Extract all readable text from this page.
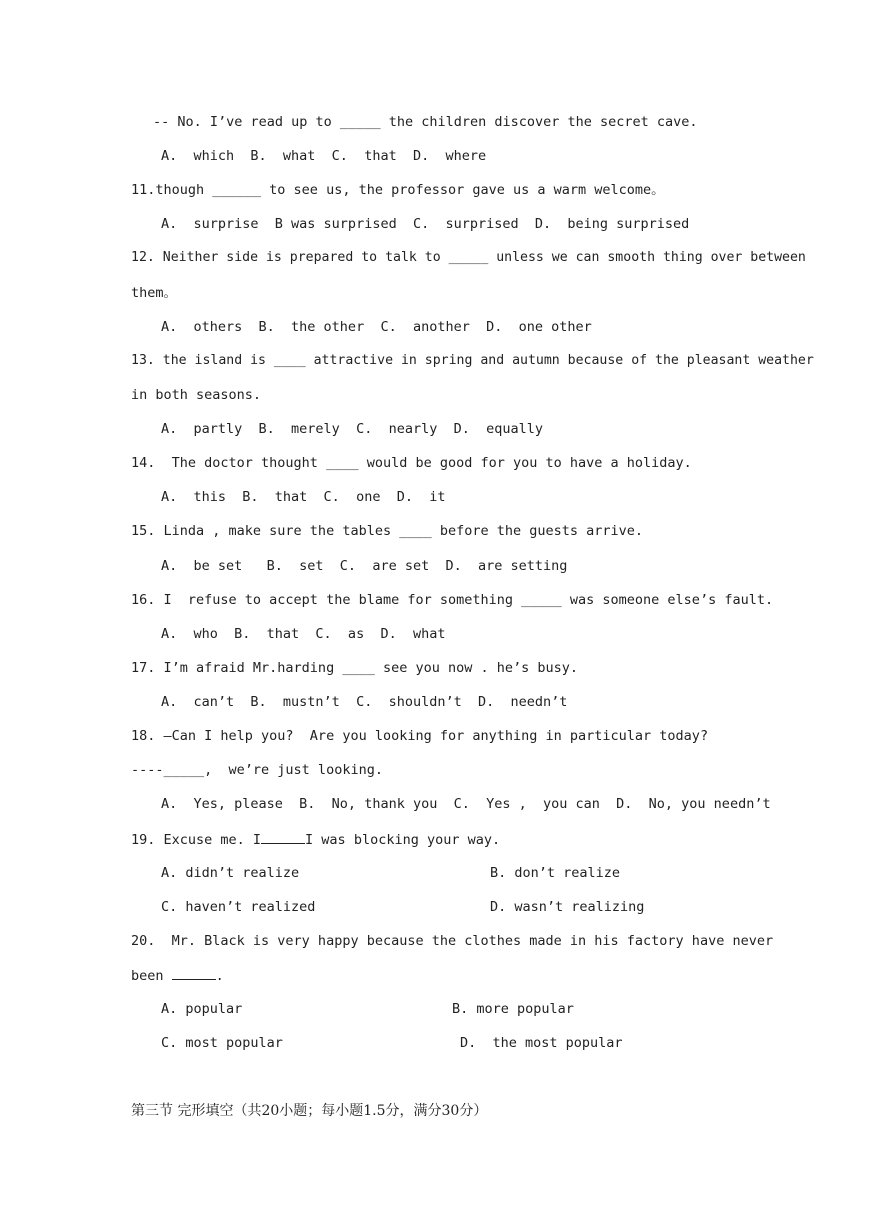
-- No. I’ve read up to _____ the children discover the secret cave.
A.  which  B.  what  C.  that  D.  where
11.though ______ to see us, the professor gave us a warm welcome。
A.  surprise  B was surprised  C.  surprised  D.  being surprised
12. Neither side is prepared to talk to _____ unless we can smooth thing over between
them。
A.  others  B.  the other  C.  another  D.  one other
13. the island is ____ attractive in spring and autumn because of the pleasant weather
in both seasons.
A.  partly  B.  merely  C.  nearly  D.  equally
14.  The doctor thought ____ would be good for you to have a holiday.
A.  this  B.  that  C.  one  D.  it
15. Linda , make sure the tables ____ before the guests arrive.
A.  be set   B.  set  C.  are set  D.  are setting
16. I  refuse to accept the blame for something _____ was someone else’s fault.
A.  who  B.  that  C.  as  D.  what
17. I’m afraid Mr.harding ____ see you now . he’s busy.
A.  can’t  B.  mustn’t  C.  shouldn’t  D.  needn’t
18. –Can I help you?  Are you looking for anything in particular today?
----_____,  we’re just looking.
A.  Yes, please  B.  No, thank you  C.  Yes ,  you can  D.  No, you needn’t
19. Excuse me. I	I was blocking your way.
A. didn’t realize	B. don’t realize
C. haven’t realized	D. wasn’t realizing
20.  Mr. Black is very happy because the clothes made in his factory have never
been	.
A. popular	B. more popular
C. most popular	D.  the most popular
第三节 完形填空（共20小题；每小题1.5分，满分30分）
